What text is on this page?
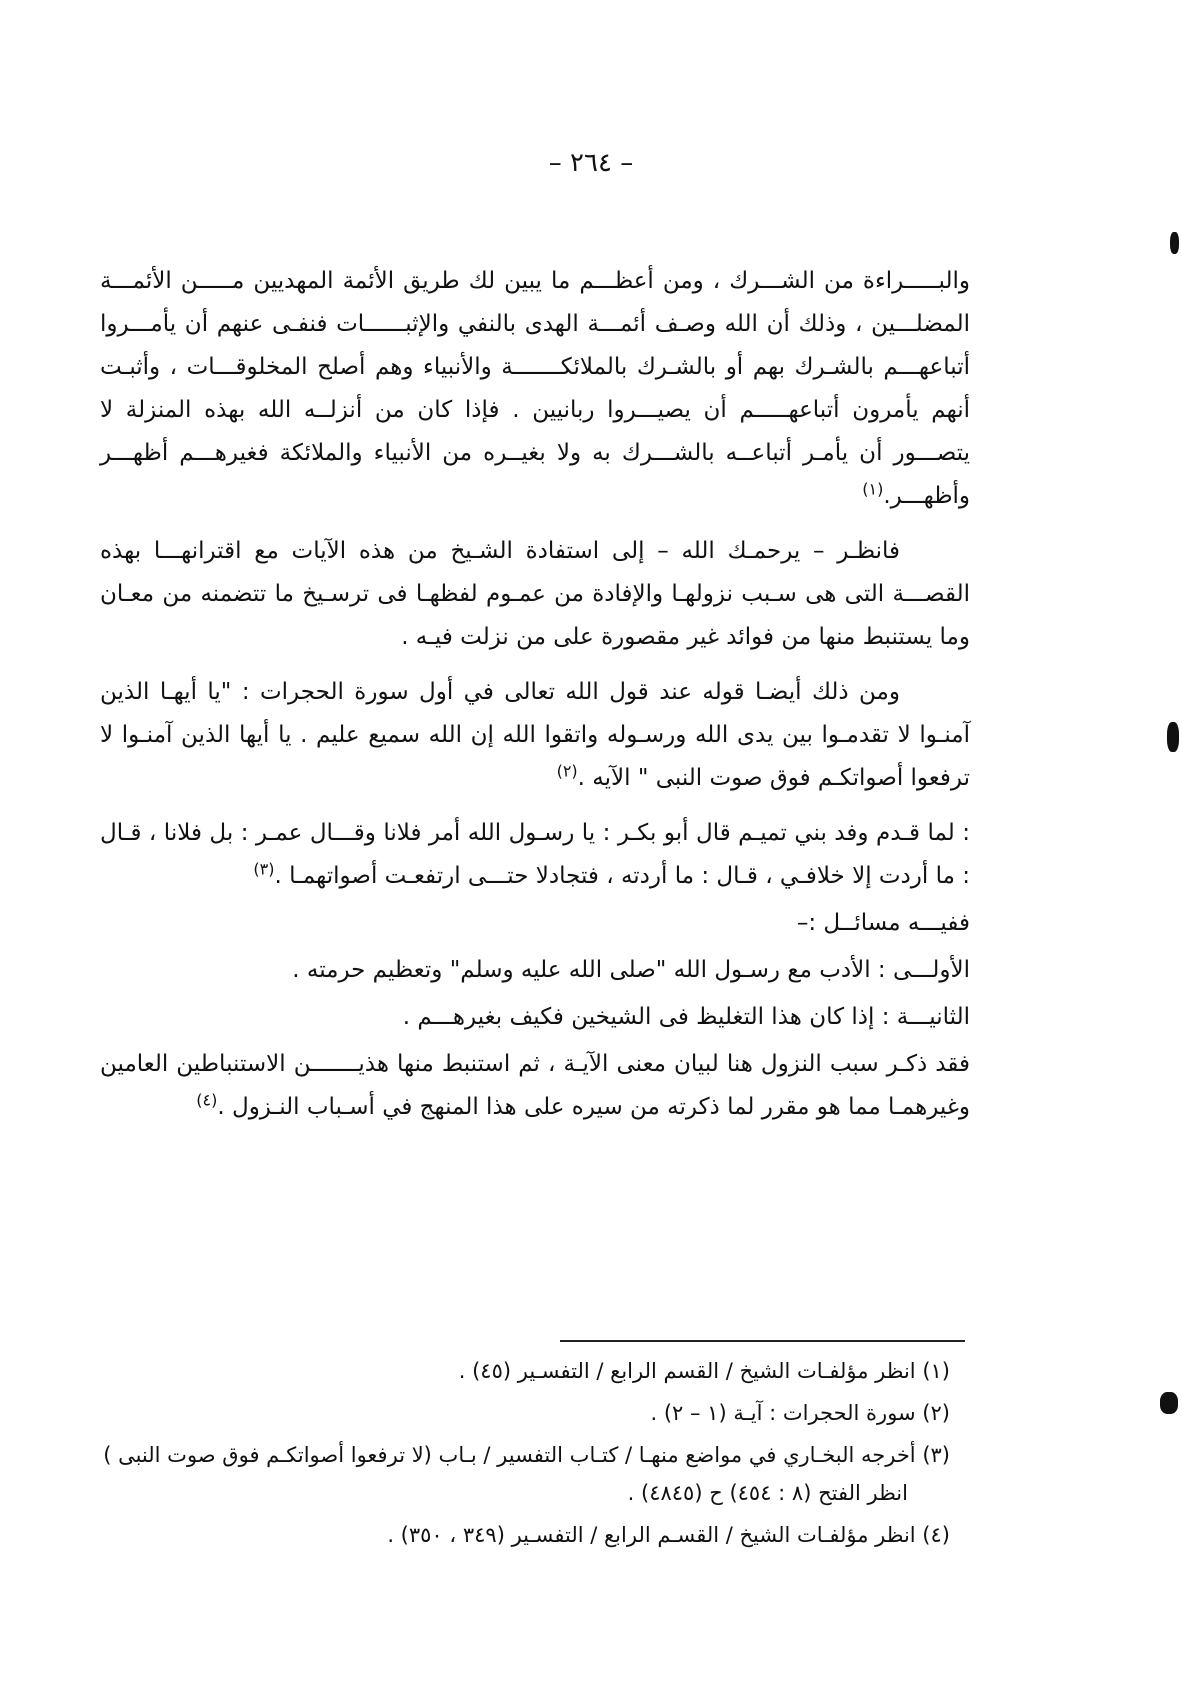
– ٢٦٤ –

والبـــــراءة من الشـــرك ، ومن أعظـــم ما يبين لك طريق الأئمة المهديين مـــــن الأئمـــة المضلـــين ، وذلك أن الله وصـف أئمـــة الهدى بالنفي والإثبــــــات فنفـى عنهم أن يأمـــروا أتباعهـــم بالشـرك بهم أو بالشـرك بالملائكـــــــة والأنبياء وهم أصلح المخلوقـــات ، وأثبـت أنهم يأمرون أتباعهـــــم أن يصيـــروا ربانيين . فإذا كان من أنزلــه الله بهذه المنزلة لا يتصـــور أن يأمـر أتباعــه بالشـــرك به ولا بغيــره من الأنبياء والملائكة فغيرهـــم أظهـــر وأظهـــر.$^{(١)}$

فانظـر – يرحمـك الله – إلى استفادة الشـيخ من هذه الآيات مع اقترانهـــا بهذه القصـــة التى هى سـبب نزولهـا والإفادة من عمـوم لفظهـا فى ترسـيخ ما تتضمنه من معـان وما يستنبط منها من فوائد غير مقصورة على من نزلت فيـه .

ومن ذلك أيضـا قوله عند قول الله تعالى في أول سورة الحجرات : "يا أيهـا الذين آمنـوا لا تقدمـوا بين يدى الله ورسـوله واتقوا الله إن الله سميع عليم . يا أيها الذين آمنـوا لا ترفعوا أصواتكـم فوق صوت النبى " الآيه .$^{(٢)}$

: لما قـدم وفد بني تميـم قال أبو بكـر : يا رسـول الله أمر فلانا وقـــال عمـر : بل فلانا ، قـال : ما أردت إلا خلافـي ، قـال : ما أردته ، فتجادلا حتـــى ارتفعـت أصواتهمـا .$^{(٣)}$

ففيـــه مسائــل :–

الأولـــى : الأدب مع رسـول الله "صلى الله عليه وسلم" وتعظيم حرمته .

الثانيـــة : إذا كان هذا التغليظ فى الشيخين فكيف بغيرهـــم .

فقد ذكـر سبب النزول هنا لبيان معنى الآيـة ، ثم استنبط منها هذيـــــــن الاستنباطين العامين وغيرهمـا مما هو مقرر لما ذكرته من سيره على هذا المنهج في أسـباب النـزول .$^{(٤)}$

(١) انظر مؤلفـات الشيخ / القسم الرابع / التفسـير (٤٥) .

(٢) سورة الحجرات : آيـة (١ – ٢) .

(٣) أخرجه البخـاري في مواضع منهـا / كتـاب التفسير / بـاب (لا ترفعوا أصواتكـم فوق صوت النبى ) انظر الفتح (٨ : ٤٥٤) ح (٤٨٤٥) .

(٤) انظر مؤلفـات الشيخ / القسـم الرابع / التفسـير (٣٤٩ ، ٣٥٠) .
